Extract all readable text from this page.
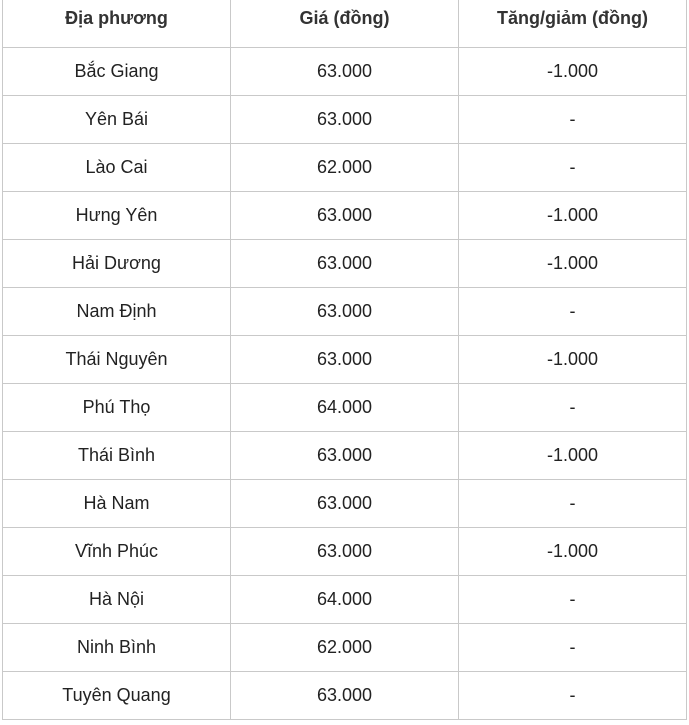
Địa phương	Giá (đồng)	Tăng/giảm (đồng)
Bắc Giang	63.000	-1.000
Yên Bái	63.000	-
Lào Cai	62.000	-
Hưng Yên	63.000	-1.000
Hải Dương	63.000	-1.000
Nam Định	63.000	-
Thái Nguyên	63.000	-1.000
Phú Thọ	64.000	-
Thái Bình	63.000	-1.000
Hà Nam	63.000	-
Vĩnh Phúc	63.000	-1.000
Hà Nội	64.000	-
Ninh Bình	62.000	-
Tuyên Quang	63.000	-
